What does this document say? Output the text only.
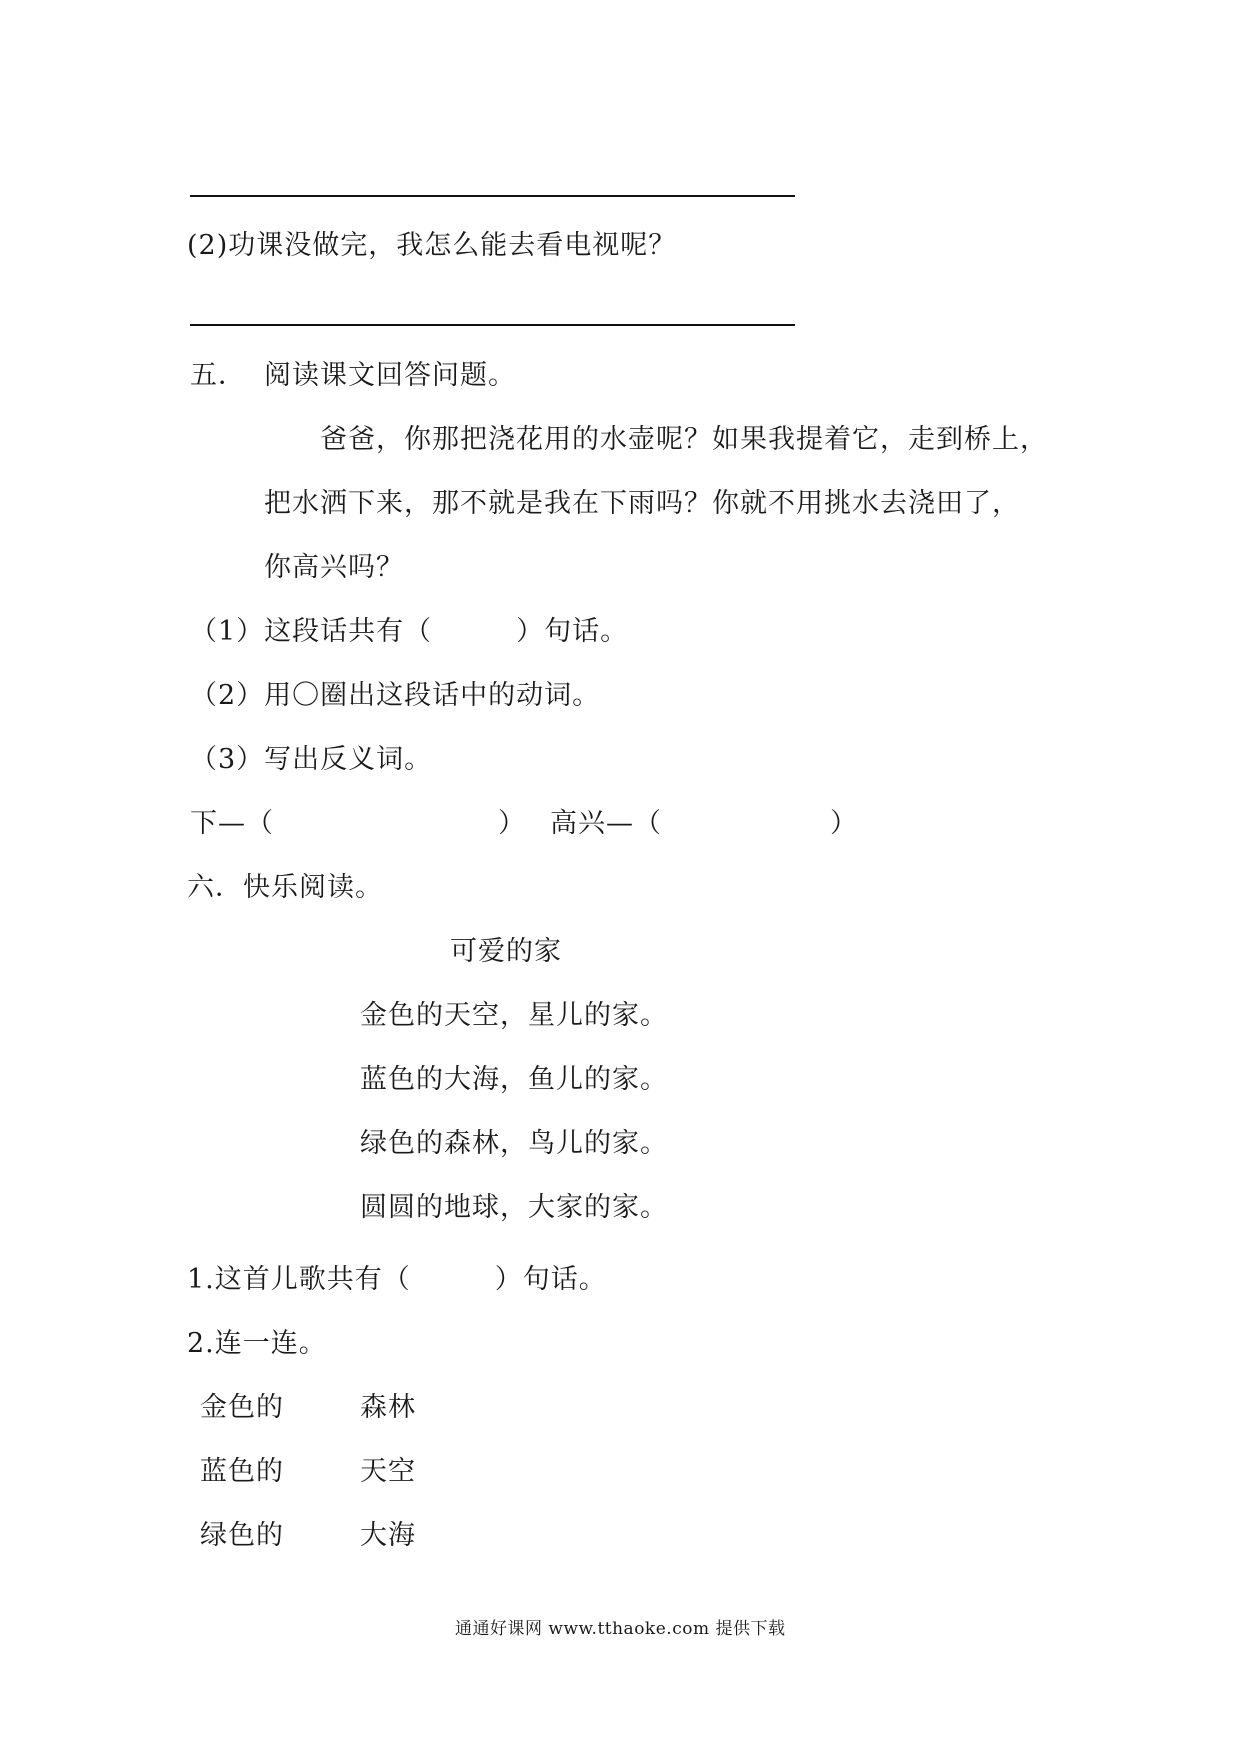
(2)功课没做完，我怎么能去看电视呢？
五． 阅读课文回答问题。
爸爸，你那把浇花用的水壶呢？如果我提着它，走到桥上，
把水洒下来，那不就是我在下雨吗？你就不用挑水去浇田了，
你高兴吗？
（1）这段话共有（　　　）句话。
（2）用〇圈出这段话中的动词。
（3）写出反义词。
下—（　　　　　　　　） 高兴—（　　　　　　）
六．快乐阅读。
可爱的家
金色的天空，星儿的家。
蓝色的大海，鱼儿的家。
绿色的森林，鸟儿的家。
圆圆的地球，大家的家。
1.这首儿歌共有（　　　）句话。
2.连一连。
金色的	森林
蓝色的	天空
绿色的	大海
通通好课网 www.tthaoke.com 提供下载
